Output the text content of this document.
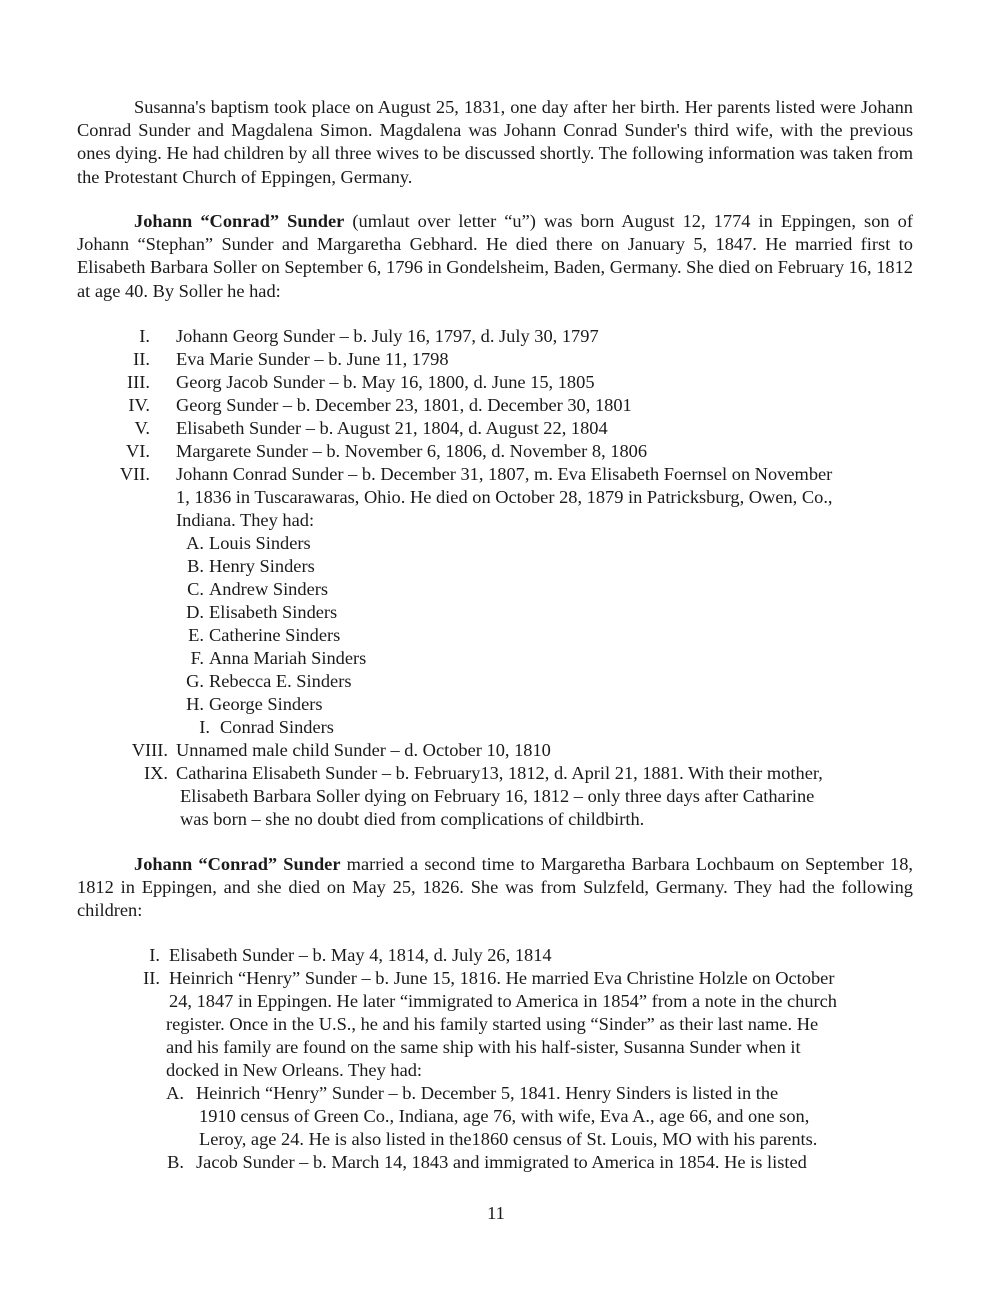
Susanna's baptism took place on August 25, 1831, one day after her birth. Her parents listed were Johann Conrad Sunder and Magdalena Simon. Magdalena was Johann Conrad Sunder's third wife, with the previous ones dying. He had children by all three wives to be discussed shortly. The following information was taken from the Protestant Church of Eppingen, Germany.

Johann “Conrad” Sunder (umlaut over letter “u”) was born August 12, 1774 in Eppingen, son of Johann “Stephan” Sunder and Margaretha Gebhard. He died there on January 5, 1847. He married first to Elisabeth Barbara Soller on September 6, 1796 in Gondelsheim, Baden, Germany. She died on February 16, 1812 at age 40. By Soller he had:

I. Johann Georg Sunder – b. July 16, 1797, d. July 30, 1797
II. Eva Marie Sunder – b. June 11, 1798
III. Georg Jacob Sunder – b. May 16, 1800, d. June 15, 1805
IV. Georg Sunder – b. December 23, 1801, d. December 30, 1801
V. Elisabeth Sunder – b. August 21, 1804, d. August 22, 1804
VI. Margarete Sunder – b. November 6, 1806, d. November 8, 1806
VII. Johann Conrad Sunder – b. December 31, 1807, m. Eva Elisabeth Foernsel on November
1, 1836 in Tuscarawaras, Ohio. He died on October 28, 1879 in Patricksburg, Owen, Co.,
Indiana. They had:
A. Louis Sinders
B. Henry Sinders
C. Andrew Sinders
D. Elisabeth Sinders
E. Catherine Sinders
F. Anna Mariah Sinders
G. Rebecca E. Sinders
H. George Sinders
I. Conrad Sinders
VIII. Unnamed male child Sunder – d. October 10, 1810
IX. Catharina Elisabeth Sunder – b. February13, 1812, d. April 21, 1881. With their mother,
Elisabeth Barbara Soller dying on February 16, 1812 – only three days after Catharine
was born – she no doubt died from complications of childbirth.

Johann “Conrad” Sunder married a second time to Margaretha Barbara Lochbaum on September 18, 1812 in Eppingen, and she died on May 25, 1826. She was from Sulzfeld, Germany. They had the following children:

I. Elisabeth Sunder – b. May 4, 1814, d. July 26, 1814
II. Heinrich “Henry” Sunder – b. June 15, 1816. He married Eva Christine Holzle on October
24, 1847 in Eppingen. He later “immigrated to America in 1854” from a note in the church
register. Once in the U.S., he and his family started using “Sinder” as their last name. He
and his family are found on the same ship with his half-sister, Susanna Sunder when it
docked in New Orleans. They had:
A. Heinrich “Henry” Sunder – b. December 5, 1841. Henry Sinders is listed in the
1910 census of Green Co., Indiana, age 76, with wife, Eva A., age 66, and one son,
Leroy, age 24. He is also listed in the1860 census of St. Louis, MO with his parents.
B. Jacob Sunder – b. March 14, 1843 and immigrated to America in 1854. He is listed
11
